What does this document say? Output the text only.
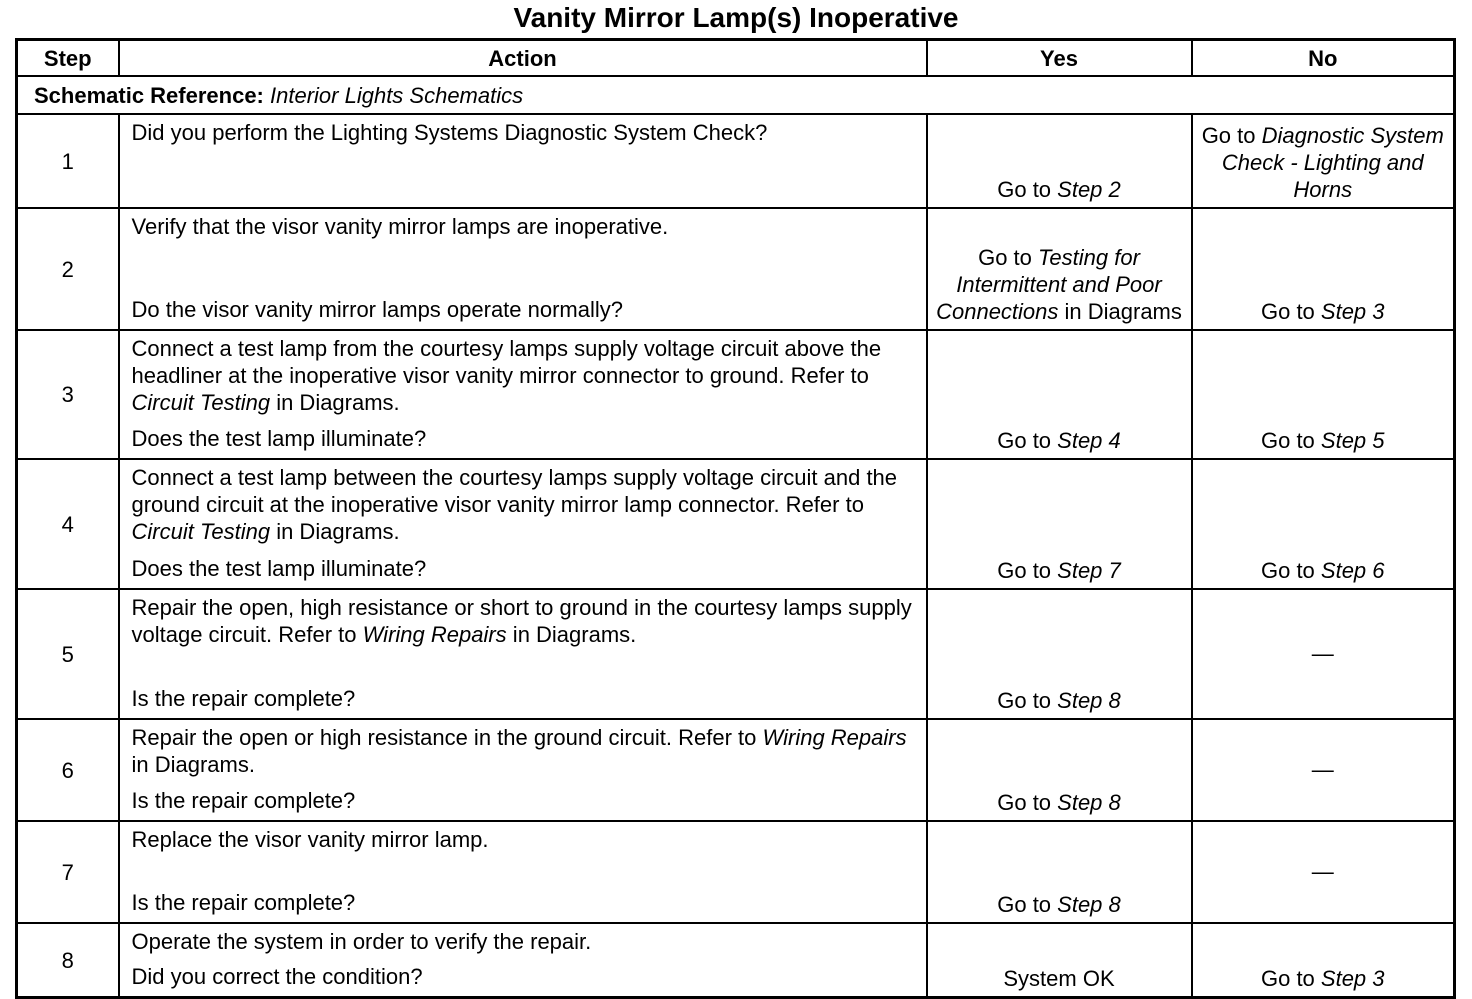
Vanity Mirror Lamp(s) Inoperative
Step	Action	Yes	No
Schematic Reference: Interior Lights Schematics			
1	Did you perform the Lighting Systems Diagnostic System Check?	Go to Step 2	Go to Diagnostic System Check - Lighting and Horns
2	Verify that the visor vanity mirror lamps are inoperative.
Do the visor vanity mirror lamps operate normally?	Go to Testing for Intermittent and Poor Connections in Diagrams	Go to Step 3
3	Connect a test lamp from the courtesy lamps supply voltage circuit above the headliner at the inoperative visor vanity mirror connector to ground. Refer to Circuit Testing in Diagrams.
Does the test lamp illuminate?	Go to Step 4	Go to Step 5
4	Connect a test lamp between the courtesy lamps supply voltage circuit and the ground circuit at the inoperative visor vanity mirror lamp connector. Refer to Circuit Testing in Diagrams.
Does the test lamp illuminate?	Go to Step 7	Go to Step 6
5	Repair the open, high resistance or short to ground in the courtesy lamps supply voltage circuit. Refer to Wiring Repairs in Diagrams.
Is the repair complete?	Go to Step 8	—
6	Repair the open or high resistance in the ground circuit. Refer to Wiring Repairs in Diagrams.
Is the repair complete?	Go to Step 8	—
7	Replace the visor vanity mirror lamp.
Is the repair complete?	Go to Step 8	—
8	Operate the system in order to verify the repair.
Did you correct the condition?	System OK	Go to Step 3
